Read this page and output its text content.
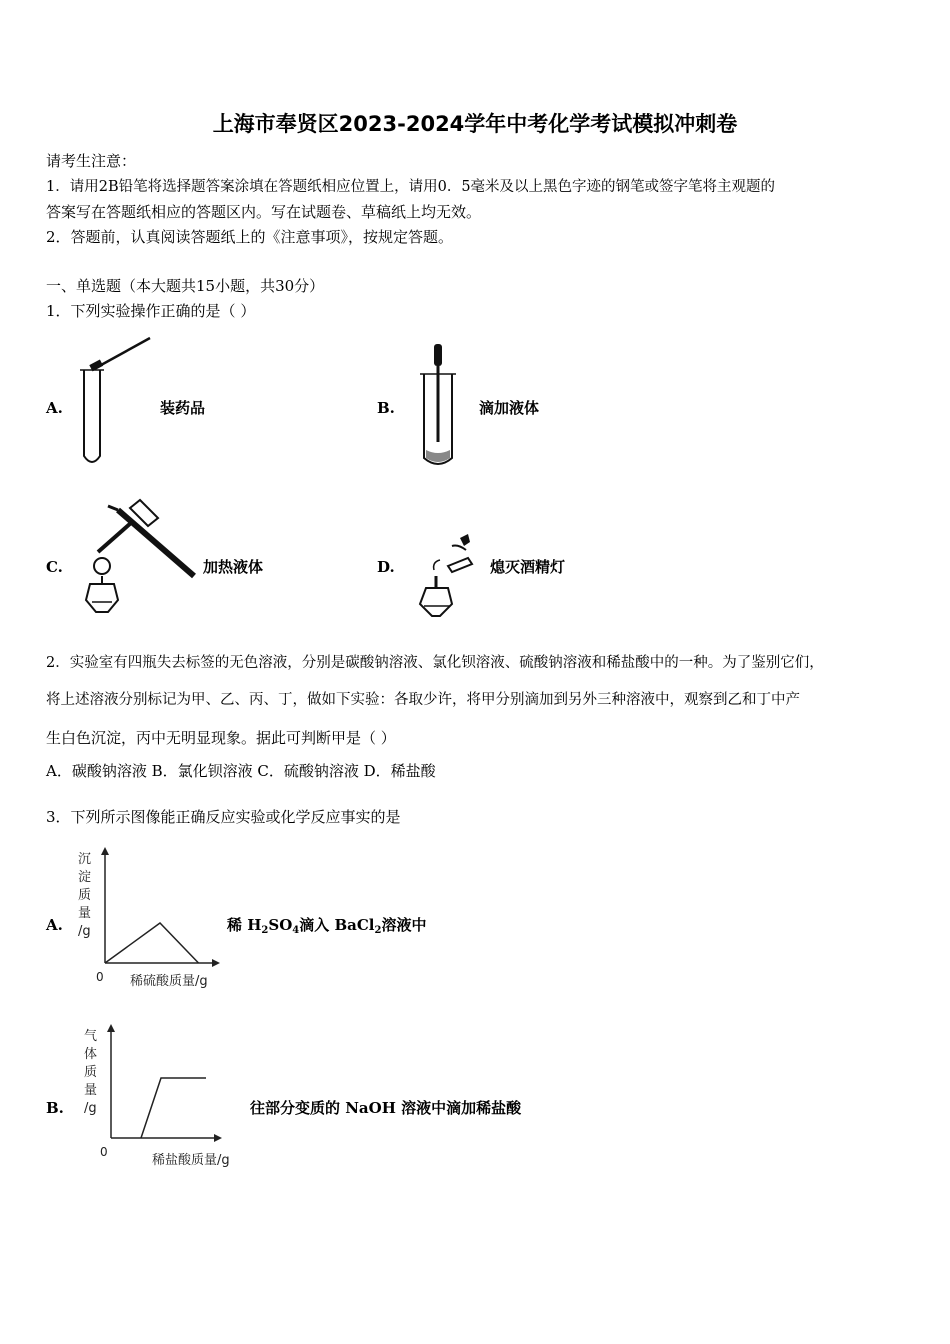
上海市奉贤区2023-2024学年中考化学考试模拟冲刺卷
请考生注意：
1．请用2B铅笔将选择题答案涂填在答题纸相应位置上，请用0．5毫米及以上黑色字迹的钢笔或签字笔将主观题的
答案写在答题纸相应的答题区内。写在试题卷、草稿纸上均无效。
2．答题前，认真阅读答题纸上的《注意事项》，按规定答题。
一、单选题（本大题共15小题，共30分）
1．下列实验操作正确的是（ ）
A.	装药品	B.	滴加液体
C.	加热液体	D.	熄灭酒精灯
2．实验室有四瓶失去标签的无色溶液，分别是碳酸钠溶液、氯化钡溶液、硫酸钠溶液和稀盐酸中的一种。为了鉴别它们，
将上述溶液分别标记为甲、乙、丙、丁，做如下实验：各取少许，将甲分别滴加到另外三种溶液中，观察到乙和丁中产
生白色沉淀，丙中无明显现象。据此可判断甲是（ ）
A．碳酸钠溶液 B．氯化钡溶液 C．硫酸钠溶液 D．稀盐酸
3．下列所示图像能正确反应实验或化学反应事实的是
A.
沉
淀
质
量
/g
0 稀硫酸质量/g
稀 $H_2SO_4$滴入 BaCl$_2$溶液中
B.
气
体
质
量
/g
0
稀盐酸质量/g
往部分变质的 NaOH 溶液中滴加稀盐酸
